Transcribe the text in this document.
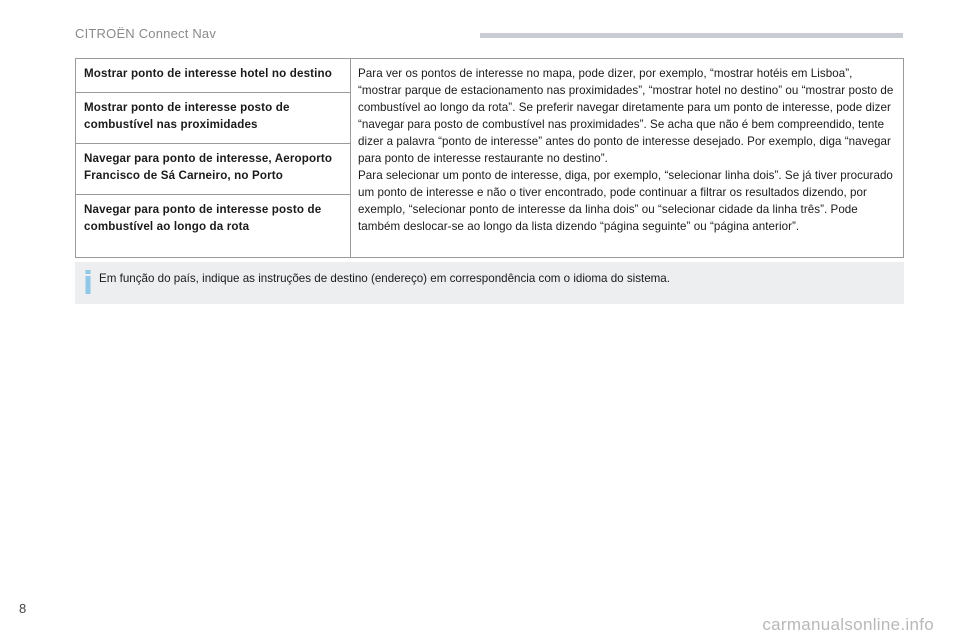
CITROËN Connect Nav
Mostrar ponto de interesse hotel no destino	Para ver os pontos de interesse no mapa, pode dizer, por exemplo, “mostrar hotéis em Lisboa”, “mostrar parque de estacionamento nas proximidades”, “mostrar hotel no destino” ou “mostrar posto de combustível ao longo da rota”. Se preferir navegar diretamente para um ponto de interesse, pode dizer “navegar para posto de combustível nas proximidades”. Se acha que não é bem compreendido, tente dizer a palavra “ponto de interesse” antes do ponto de interesse desejado. Por exemplo, diga “navegar para ponto de interesse restaurante no destino”.
Para selecionar um ponto de interesse, diga, por exemplo, “selecionar linha dois”. Se já tiver procurado um ponto de interesse e não o tiver encontrado, pode continuar a filtrar os resultados dizendo, por exemplo, “selecionar ponto de interesse da linha dois” ou “selecionar cidade da linha três”. Pode também deslocar-se ao longo da lista dizendo “página seguinte” ou “página anterior”.

Mostrar ponto de interesse posto de combustível nas proximidades
Navegar para ponto de interesse, Aeroporto Francisco de Sá Carneiro, no Porto
Navegar para ponto de interesse posto de combustível ao longo da rota
Em função do país, indique as instruções de destino (endereço) em correspondência com o idioma do sistema.
8
carmanualsonline.info
